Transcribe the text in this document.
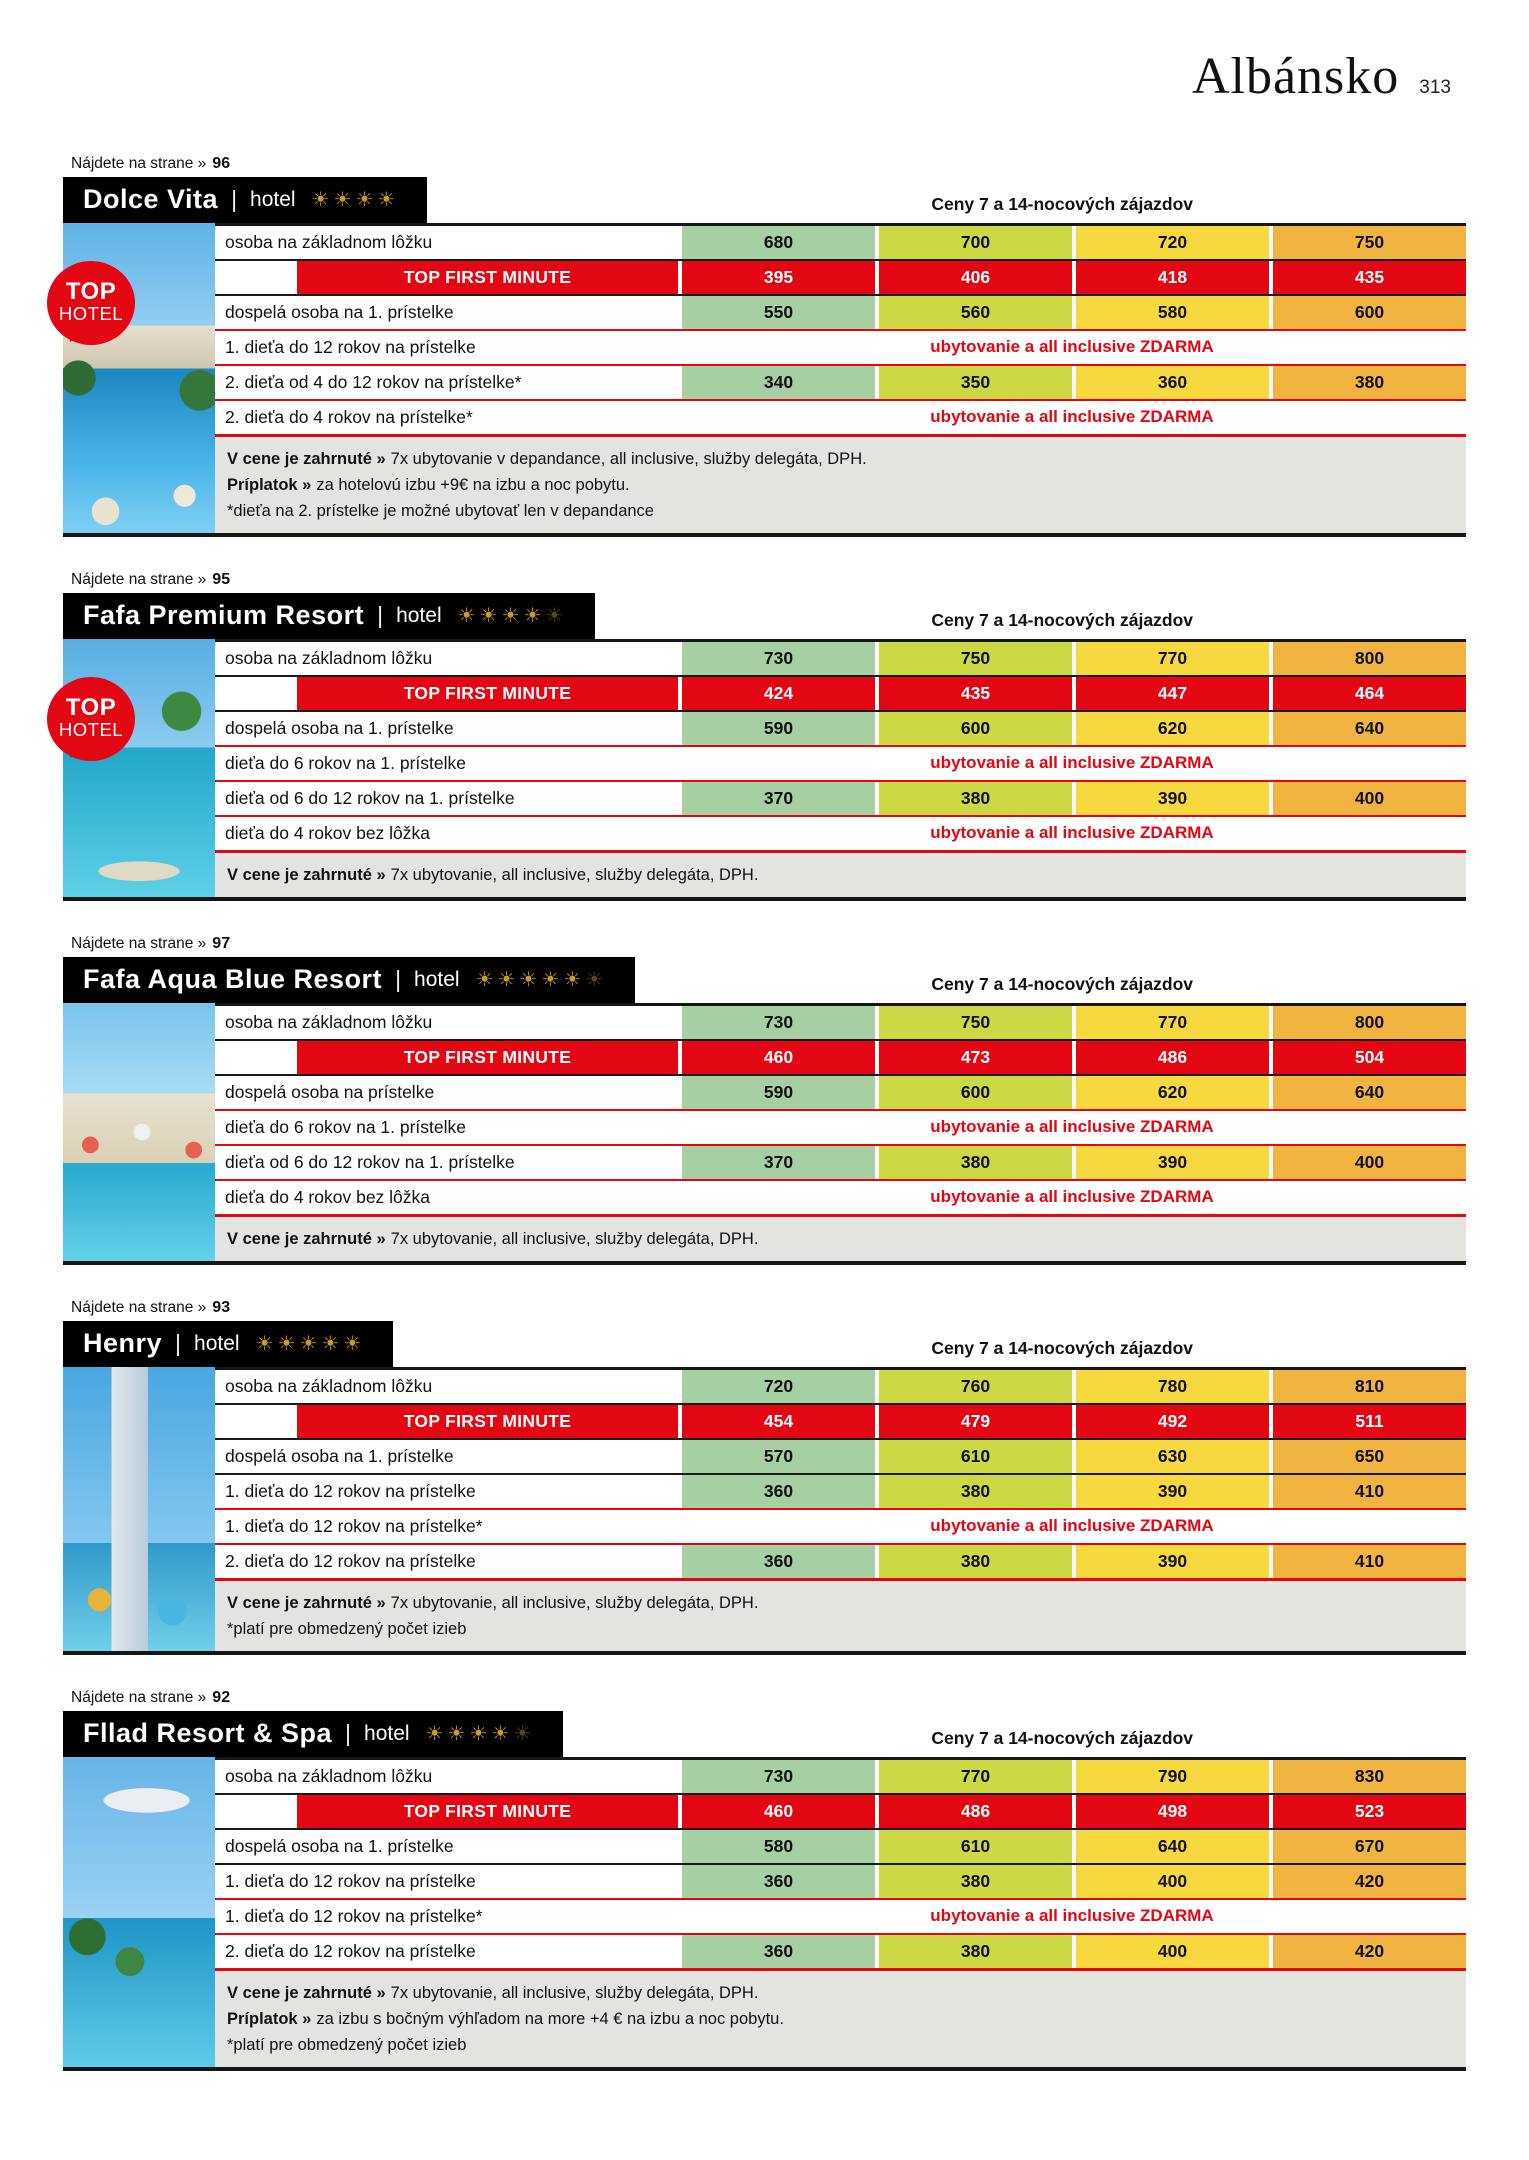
Albánsko 313
Nájdete na strane » 96
Dolce Vita | hotel ☀☀☀☀	Ceny 7 a 14-nocových zájazdov
TOP
HOTEL
osoba na základnom lôžku	680	700	720	750
TOP FIRST MINUTE	395	406	418	435
dospelá osoba na 1. prístelke	550	560	580	600
1. dieťa do 12 rokov na prístelke	ubytovanie a all inclusive ZDARMA
2. dieťa od 4 do 12 rokov na prístelke*	340	350	360	380
2. dieťa do 4 rokov na prístelke*	ubytovanie a all inclusive ZDARMA
V cene je zahrnuté » 7x ubytovanie v depandance, all inclusive, služby delegáta, DPH.
Príplatok » za hotelovú izbu +9€ na izbu a noc pobytu.
*dieťa na 2. prístelke je možné ubytovať len v depandance
Nájdete na strane » 95
Fafa Premium Resort | hotel ☀☀☀☀☀	Ceny 7 a 14-nocových zájazdov
TOP
HOTEL
osoba na základnom lôžku	730	750	770	800
TOP FIRST MINUTE	424	435	447	464
dospelá osoba na 1. prístelke	590	600	620	640
dieťa do 6 rokov na 1. prístelke	ubytovanie a all inclusive ZDARMA
dieťa od 6 do 12 rokov na 1. prístelke	370	380	390	400
dieťa do 4 rokov bez lôžka	ubytovanie a all inclusive ZDARMA
V cene je zahrnuté » 7x ubytovanie, all inclusive, služby delegáta, DPH.
Nájdete na strane » 97
Fafa Aqua Blue Resort | hotel ☀☀☀☀☀☀	Ceny 7 a 14-nocových zájazdov
osoba na základnom lôžku	730	750	770	800
TOP FIRST MINUTE	460	473	486	504
dospelá osoba na prístelke	590	600	620	640
dieťa do 6 rokov na 1. prístelke	ubytovanie a all inclusive ZDARMA
dieťa od 6 do 12 rokov na 1. prístelke	370	380	390	400
dieťa do 4 rokov bez lôžka	ubytovanie a all inclusive ZDARMA
V cene je zahrnuté » 7x ubytovanie, all inclusive, služby delegáta, DPH.
Nájdete na strane » 93
Henry | hotel ☀☀☀☀☀	Ceny 7 a 14-nocových zájazdov
osoba na základnom lôžku	720	760	780	810
TOP FIRST MINUTE	454	479	492	511
dospelá osoba na 1. prístelke	570	610	630	650
1. dieťa do 12 rokov na prístelke	360	380	390	410
1. dieťa do 12 rokov na prístelke*	ubytovanie a all inclusive ZDARMA
2. dieťa do 12 rokov na prístelke	360	380	390	410
V cene je zahrnuté » 7x ubytovanie, all inclusive, služby delegáta, DPH.
*platí pre obmedzený počet izieb
Nájdete na strane » 92
Fllad Resort & Spa | hotel ☀☀☀☀☀	Ceny 7 a 14-nocových zájazdov
osoba na základnom lôžku	730	770	790	830
TOP FIRST MINUTE	460	486	498	523
dospelá osoba na 1. prístelke	580	610	640	670
1. dieťa do 12 rokov na prístelke	360	380	400	420
1. dieťa do 12 rokov na prístelke*	ubytovanie a all inclusive ZDARMA
2. dieťa do 12 rokov na prístelke	360	380	400	420
V cene je zahrnuté » 7x ubytovanie, all inclusive, služby delegáta, DPH.
Príplatok » za izbu s bočným výhľadom na more +4 € na izbu a noc pobytu.
*platí pre obmedzený počet izieb
